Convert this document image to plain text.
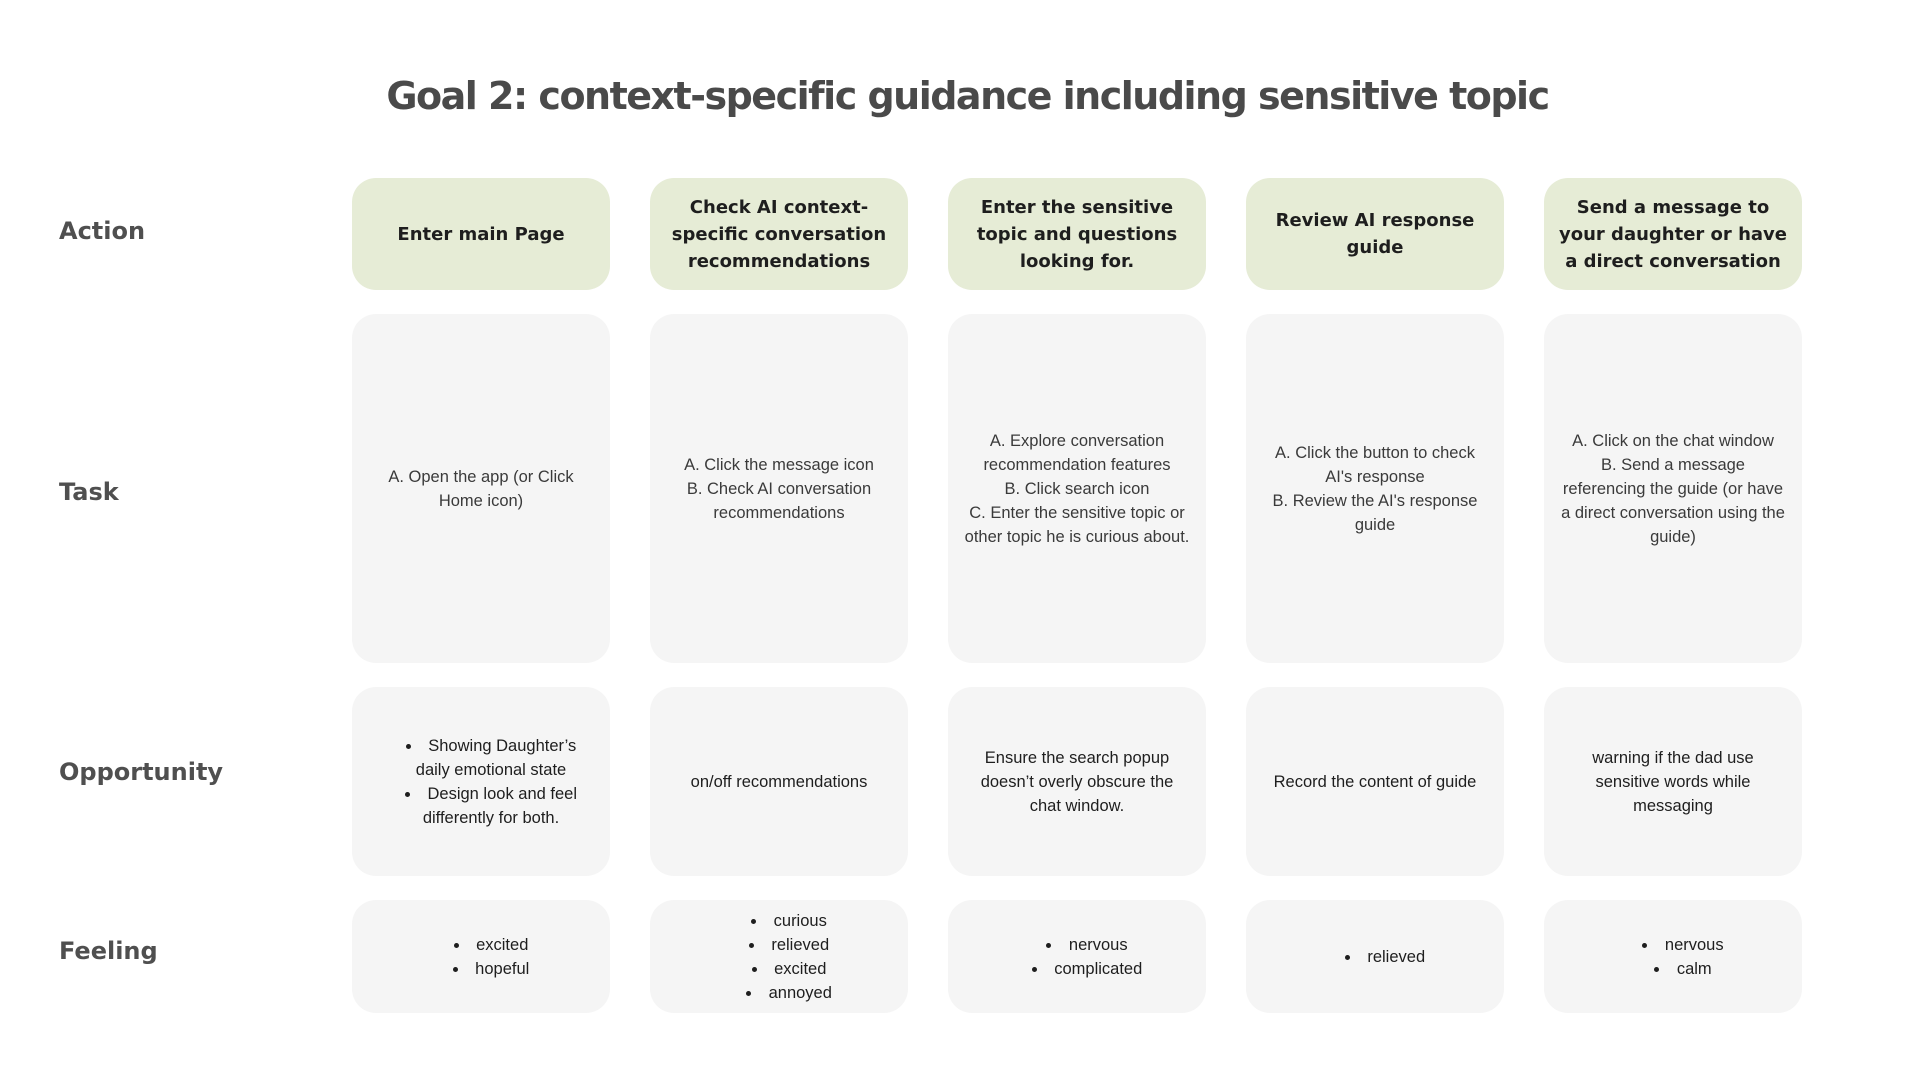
Goal 2: context-specific guidance including sensitive topic
Action
Task
Opportunity
Feeling
Enter main Page
Check AI context-specific conversation recommendations
Enter the sensitive topic and questions looking for.
Review AI response guide
Send a message to your daughter or have a direct conversation
A. Open the app (or Click Home icon)
A. Click the message icon
B. Check AI conversation recommendations
A. Explore conversation recommendation features
B. Click search icon
C. Enter the sensitive topic or other topic he is curious about.
A. Click the button to check AI's response
B. Review the AI's response guide
A. Click on the chat window
B. Send a message referencing the guide (or have a direct conversation using the guide)
• Showing Daughter’s daily emotional state
• Design look and feel differently for both.
on/off recommendations
Ensure the search popup doesn’t overly obscure the chat window.
Record the content of guide
warning if the dad use sensitive words while messaging
• excited
• hopeful
• curious
• relieved
• excited
• annoyed
• nervous
• complicated
• relieved
• nervous
• calm
